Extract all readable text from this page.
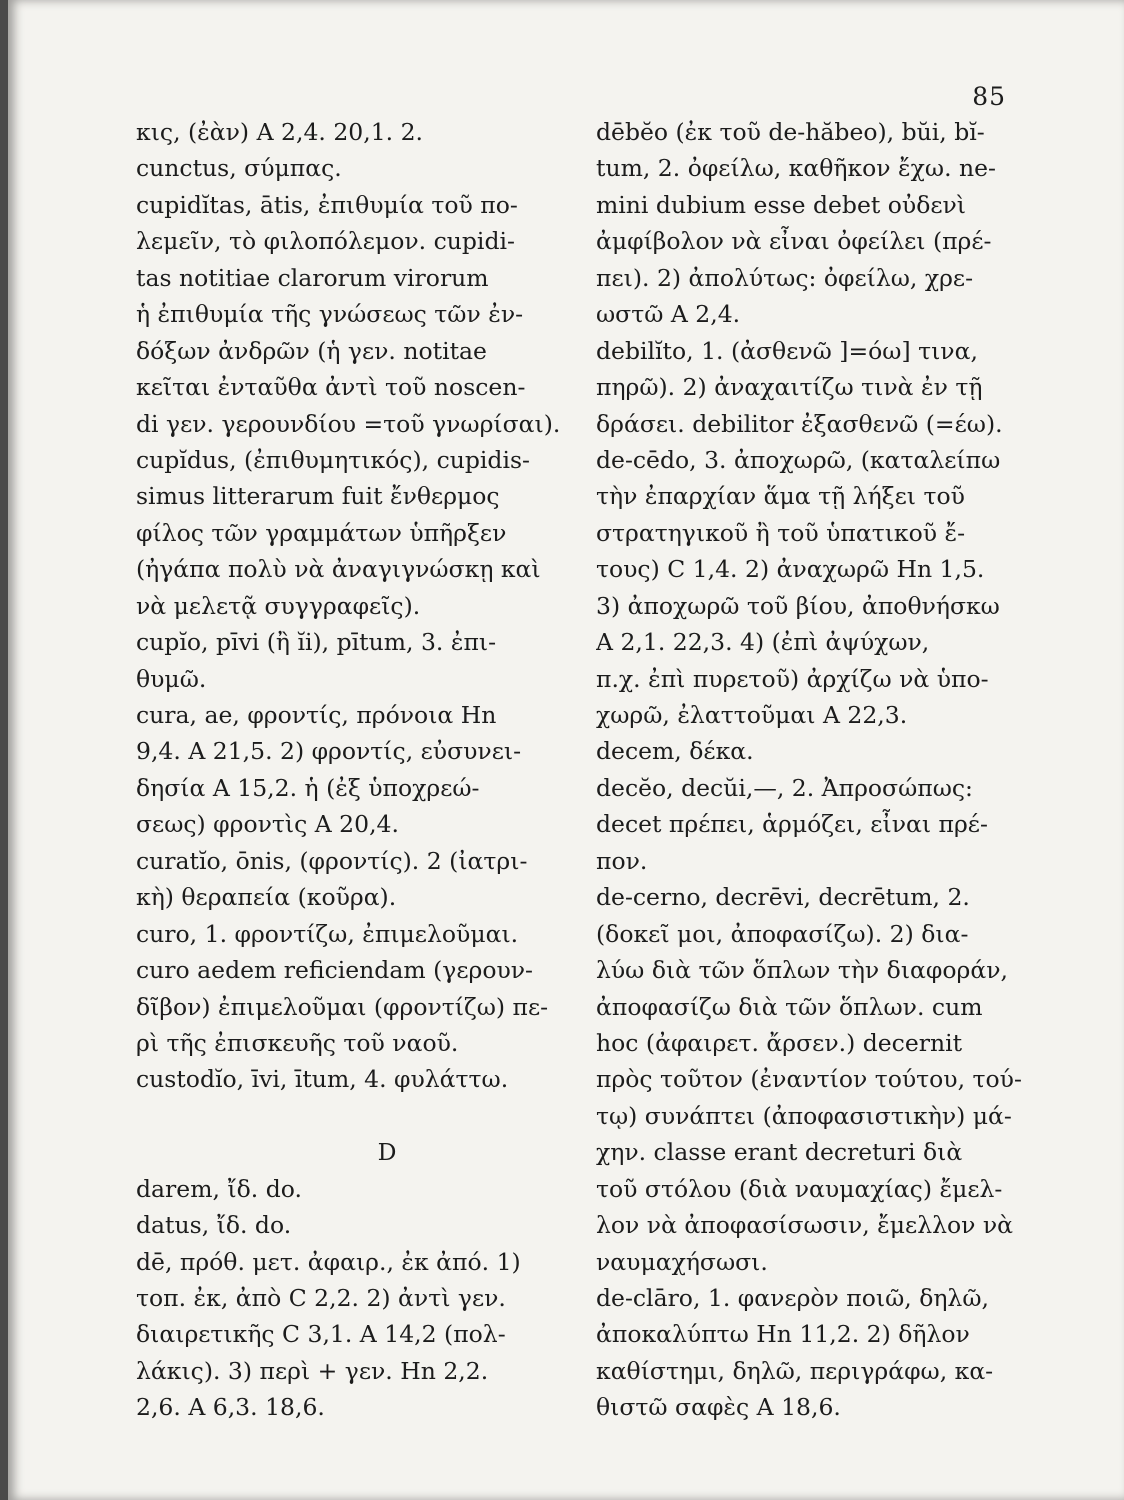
85
κις, (ἐὰν) A 2,4. 20,1. 2.
cunctus, σύμπας.
cupidĭtas, ātis, ἐπιθυμία τοῦ πο-
λεμεῖν, τὸ φιλοπόλεμον. cupidi-
tas notitiae clarorum virorum
ἡ ἐπιθυμία τῆς γνώσεως τῶν ἐν-
δόξων ἀνδρῶν (ἡ γεν. notitae
κεῖται ἐνταῦθα ἀντὶ τοῦ noscen-
di γεν. γερουνδίου =τοῦ γνωρίσαι).
cupĭdus, (ἐπιθυμητικός), cupidis-
simus litterarum fuit ἔνθερμος
φίλος τῶν γραμμάτων ὑπῆρξεν
(ἠγάπα πολὺ νὰ ἀναγιγνώσκῃ καὶ
νὰ μελετᾷ συγγραφεῖς).
cupĭo, pīvi (ἢ ĭi), pītum, 3. ἐπι-
θυμῶ.
cura, ae, φροντίς, πρόνοια Hn
9,4. A 21,5. 2) φροντίς, εὐσυνει-
δησία A 15,2. ἡ (ἐξ ὑποχρεώ-
σεως) φροντὶς A 20,4.
curatĭo, ōnis, (φροντίς). 2 (ἰατρι-
κὴ) θεραπεία (κοῦρα).
curo, 1. φροντίζω, ἐπιμελοῦμαι.
curo aedem reficiendam (γερουν-
δῖβον) ἐπιμελοῦμαι (φροντίζω) πε-
ρὶ τῆς ἐπισκευῆς τοῦ ναοῦ.
custodĭo, īvi, ītum, 4. φυλάττω.
D
darem, ἴδ. do.
datus, ἴδ. do.
dē, πρόθ. μετ. ἀφαιρ., ἐκ ἀπό. 1)
τοπ. ἐκ, ἀπὸ C 2,2. 2) ἀντὶ γεν.
διαιρετικῆς C 3,1. A 14,2 (πολ-
λάκις). 3) περὶ + γεν. Hn 2,2.
2,6. A 6,3. 18,6.
dēbĕo (ἐκ τοῦ de-hăbeo), bŭi, bĭ-
tum, 2. ὀφείλω, καθῆκον ἔχω. ne-
mini dubium esse debet οὐδενὶ
ἀμφίβολον νὰ εἶναι ὀφείλει (πρέ-
πει). 2) ἀπολύτως: ὀφείλω, χρε-
ωστῶ A 2,4.
debilĭto, 1. (ἀσθενῶ ]=όω] τινα,
πηρῶ). 2) ἀναχαιτίζω τινὰ ἐν τῇ
δράσει. debilitor ἐξασθενῶ (=έω).
de-cēdo, 3. ἀποχωρῶ, (καταλείπω
τὴν ἐπαρχίαν ἅμα τῇ λήξει τοῦ
στρατηγικοῦ ἢ τοῦ ὑπατικοῦ ἔ-
τους) C 1,4. 2) ἀναχωρῶ Hn 1,5.
3) ἀποχωρῶ τοῦ βίου, ἀποθνήσκω
A 2,1. 22,3. 4) (ἐπὶ ἀψύχων,
π.χ. ἐπὶ πυρετοῦ) ἀρχίζω νὰ ὑπο-
χωρῶ, ἐλαττοῦμαι A 22,3.
decem, δέκα.
decĕo, decŭi,—, 2. Ἀπροσώπως:
decet πρέπει, ἁρμόζει, εἶναι πρέ-
πον.
de-cerno, decrēvi, decrētum, 2.
(δοκεῖ μοι, ἀποφασίζω). 2) δια-
λύω διὰ τῶν ὅπλων τὴν διαφοράν,
ἀποφασίζω διὰ τῶν ὅπλων. cum
hoc (ἀφαιρετ. ἄρσεν.) decernit
πρὸς τοῦτον (ἐναντίον τούτου, τού-
τῳ) συνάπτει (ἀποφασιστικὴν) μά-
χην. classe erant decreturi διὰ
τοῦ στόλου (διὰ ναυμαχίας) ἔμελ-
λον νὰ ἀποφασίσωσιν, ἔμελλον νὰ
ναυμαχήσωσι.
de-clāro, 1. φανερὸν ποιῶ, δηλῶ,
ἀποκαλύπτω Hn 11,2. 2) δῆλον
καθίστημι, δηλῶ, περιγράφω, κα-
θιστῶ σαφὲς A 18,6.
